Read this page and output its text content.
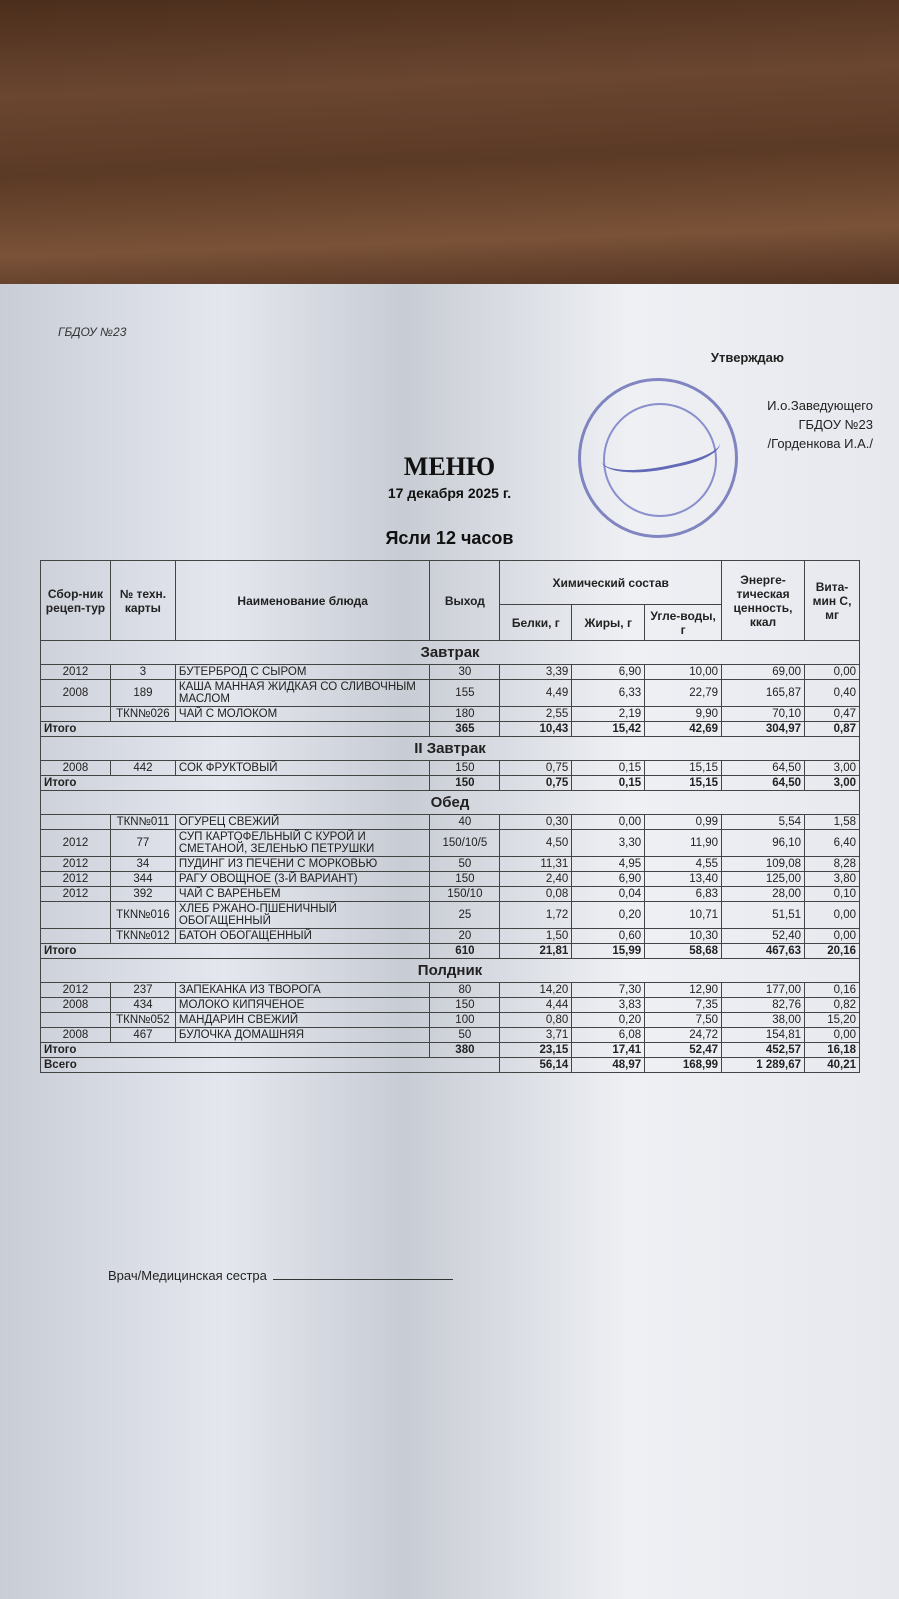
ГБДОУ №23
Утверждаю
И.о.Заведующего
ГБДОУ №23
/Горденкова И.А./
МЕНЮ
17 декабря 2025 г.
Ясли 12 часов
Сбор-ник рецеп-тур	№ техн. карты	Наименование блюда	Выход	Химический состав			Энерге-тическая ценность, ккал	Вита-мин С, мг
				Белки, г	Жиры, г	Угле-воды, г		
Завтрак								
2012	3	БУТЕРБРОД С СЫРОМ	30	3,39	6,90	10,00	69,00	0,00
2008	189	КАША МАННАЯ ЖИДКАЯ СО СЛИВОЧНЫМ МАСЛОМ	155	4,49	6,33	22,79	165,87	0,40
	ТКN№026	ЧАЙ С МОЛОКОМ	180	2,55	2,19	9,90	70,10	0,47
Итого			365	10,43	15,42	42,69	304,97	0,87
II Завтрак								
2008	442	СОК ФРУКТОВЫЙ	150	0,75	0,15	15,15	64,50	3,00
Итого			150	0,75	0,15	15,15	64,50	3,00
Обед								
	ТКN№011	ОГУРЕЦ СВЕЖИЙ	40	0,30	0,00	0,99	5,54	1,58
2012	77	СУП КАРТОФЕЛЬНЫЙ С КУРОЙ И СМЕТАНОЙ, ЗЕЛЕНЬЮ ПЕТРУШКИ	150/10/5	4,50	3,30	11,90	96,10	6,40
2012	34	ПУДИНГ ИЗ ПЕЧЕНИ С МОРКОВЬЮ	50	11,31	4,95	4,55	109,08	8,28
2012	344	РАГУ ОВОЩНОЕ (3-Й ВАРИАНТ)	150	2,40	6,90	13,40	125,00	3,80
2012	392	ЧАЙ С ВАРЕНЬЕМ	150/10	0,08	0,04	6,83	28,00	0,10
	ТКN№016	ХЛЕБ РЖАНО-ПШЕНИЧНЫЙ ОБОГАЩЕННЫЙ	25	1,72	0,20	10,71	51,51	0,00
	ТКN№012	БАТОН ОБОГАЩЕННЫЙ	20	1,50	0,60	10,30	52,40	0,00
Итого			610	21,81	15,99	58,68	467,63	20,16
Полдник								
2012	237	ЗАПЕКАНКА ИЗ ТВОРОГА	80	14,20	7,30	12,90	177,00	0,16
2008	434	МОЛОКО КИПЯЧЕНОЕ	150	4,44	3,83	7,35	82,76	0,82
	ТКN№052	МАНДАРИН СВЕЖИЙ	100	0,80	0,20	7,50	38,00	15,20
2008	467	БУЛОЧКА ДОМАШНЯЯ	50	3,71	6,08	24,72	154,81	0,00
Итого			380	23,15	17,41	52,47	452,57	16,18
Всего				56,14	48,97	168,99	1 289,67	40,21
Врач/Медицинская сестра
